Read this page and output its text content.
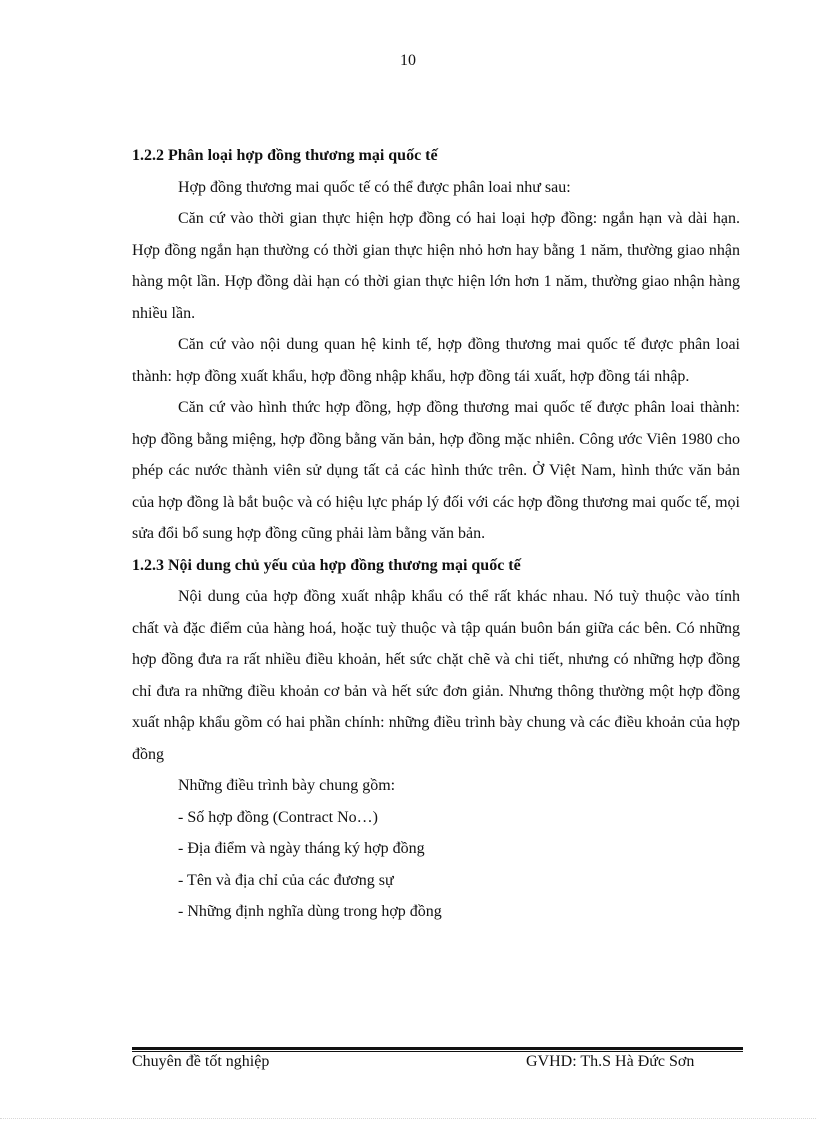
10

1.2.2 Phân loại hợp đồng thương mại quốc tế

Hợp đồng thương mai quốc tế có thể được phân loai như sau:

Căn cứ vào thời gian thực hiện hợp đồng có hai loại hợp đồng: ngắn hạn và dài hạn. Hợp đồng ngắn hạn thường có thời gian thực hiện nhỏ hơn hay bằng 1 năm, thường giao nhận hàng một lần. Hợp đồng dài hạn có thời gian thực hiện lớn hơn 1 năm, thường giao nhận hàng nhiều lần.

Căn cứ vào nội dung quan hệ kinh tế, hợp đồng thương mai quốc tế được phân loai thành: hợp đồng xuất khẩu, hợp đồng nhập khẩu, hợp đồng tái xuất, hợp đồng tái nhập.

Căn cứ vào hình thức hợp đồng, hợp đồng thương mai quốc tế được phân loai thành: hợp đồng bằng miệng, hợp đồng bằng văn bản, hợp đồng mặc nhiên. Công ước Viên 1980 cho phép các nước thành viên sử dụng tất cả các hình thức trên. Ở Việt Nam, hình thức văn bản của hợp đồng là bắt buộc và có hiệu lực pháp lý đối với các hợp đồng thương mai quốc tế, mọi sửa đổi bổ sung hợp đồng cũng phải làm bằng văn bản.

1.2.3 Nội dung chủ yếu của hợp đồng thương mại quốc tế

Nội dung của hợp đồng xuất nhập khẩu có thể rất khác nhau. Nó tuỳ thuộc vào tính chất và đặc điểm của hàng hoá, hoặc tuỳ thuộc và tập quán buôn bán giữa các bên. Có những hợp đồng đưa ra rất nhiều điều khoản, hết sức chặt chẽ và chi tiết, nhưng có những hợp đồng chỉ đưa ra những điều khoản cơ bản và hết sức đơn giản. Nhưng thông thường một hợp đồng xuất nhập khẩu gồm có hai phần chính: những điều trình bày chung và các điều khoản của hợp đồng

Những điều trình bày chung gồm:

- Số hợp đồng (Contract No…)

- Địa điểm và ngày tháng ký hợp đồng

- Tên và địa chỉ của các đương sự

- Những định nghĩa dùng trong hợp đồng

Chuyên đề tốt nghiệp	GVHD: Th.S Hà Đức Sơn
